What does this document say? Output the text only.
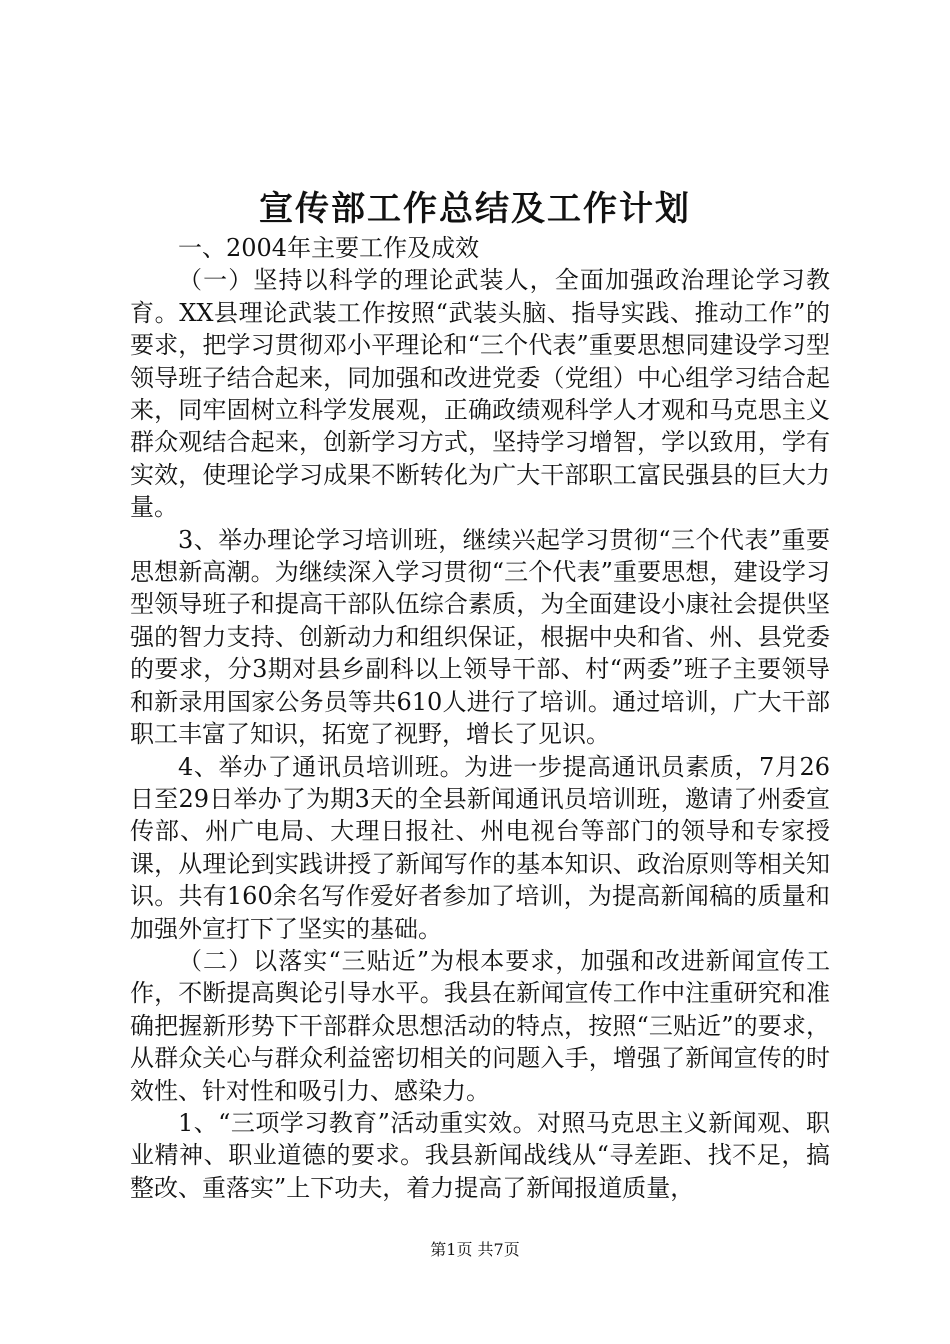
宣传部工作总结及工作计划

一、2004年主要工作及成效

（一）坚持以科学的理论武装人，全面加强政治理论学习教育。XX县理论武装工作按照“武装头脑、指导实践、推动工作”的要求，把学习贯彻邓小平理论和“三个代表”重要思想同建设学习型领导班子结合起来，同加强和改进党委（党组）中心组学习结合起来，同牢固树立科学发展观，正确政绩观科学人才观和马克思主义群众观结合起来，创新学习方式，坚持学习增智，学以致用，学有实效，使理论学习成果不断转化为广大干部职工富民强县的巨大力量。

3、举办理论学习培训班，继续兴起学习贯彻“三个代表”重要思想新高潮。为继续深入学习贯彻“三个代表”重要思想，建设学习型领导班子和提高干部队伍综合素质，为全面建设小康社会提供坚强的智力支持、创新动力和组织保证，根据中央和省、州、县党委的要求，分3期对县乡副科以上领导干部、村“两委”班子主要领导和新录用国家公务员等共610人进行了培训。通过培训，广大干部职工丰富了知识，拓宽了视野，增长了见识。

4、举办了通讯员培训班。为进一步提高通讯员素质，7月26日至29日举办了为期3天的全县新闻通讯员培训班，邀请了州委宣传部、州广电局、大理日报社、州电视台等部门的领导和专家授课，从理论到实践讲授了新闻写作的基本知识、政治原则等相关知识。共有160余名写作爱好者参加了培训，为提高新闻稿的质量和加强外宣打下了坚实的基础。

（二）以落实“三贴近”为根本要求，加强和改进新闻宣传工作，不断提高舆论引导水平。我县在新闻宣传工作中注重研究和准确把握新形势下干部群众思想活动的特点，按照“三贴近”的要求，从群众关心与群众利益密切相关的问题入手，增强了新闻宣传的时效性、针对性和吸引力、感染力。

1、“三项学习教育”活动重实效。对照马克思主义新闻观、职业精神、职业道德的要求。我县新闻战线从“寻差距、找不足，搞整改、重落实”上下功夫，着力提高了新闻报道质量，

第1页 共7页
